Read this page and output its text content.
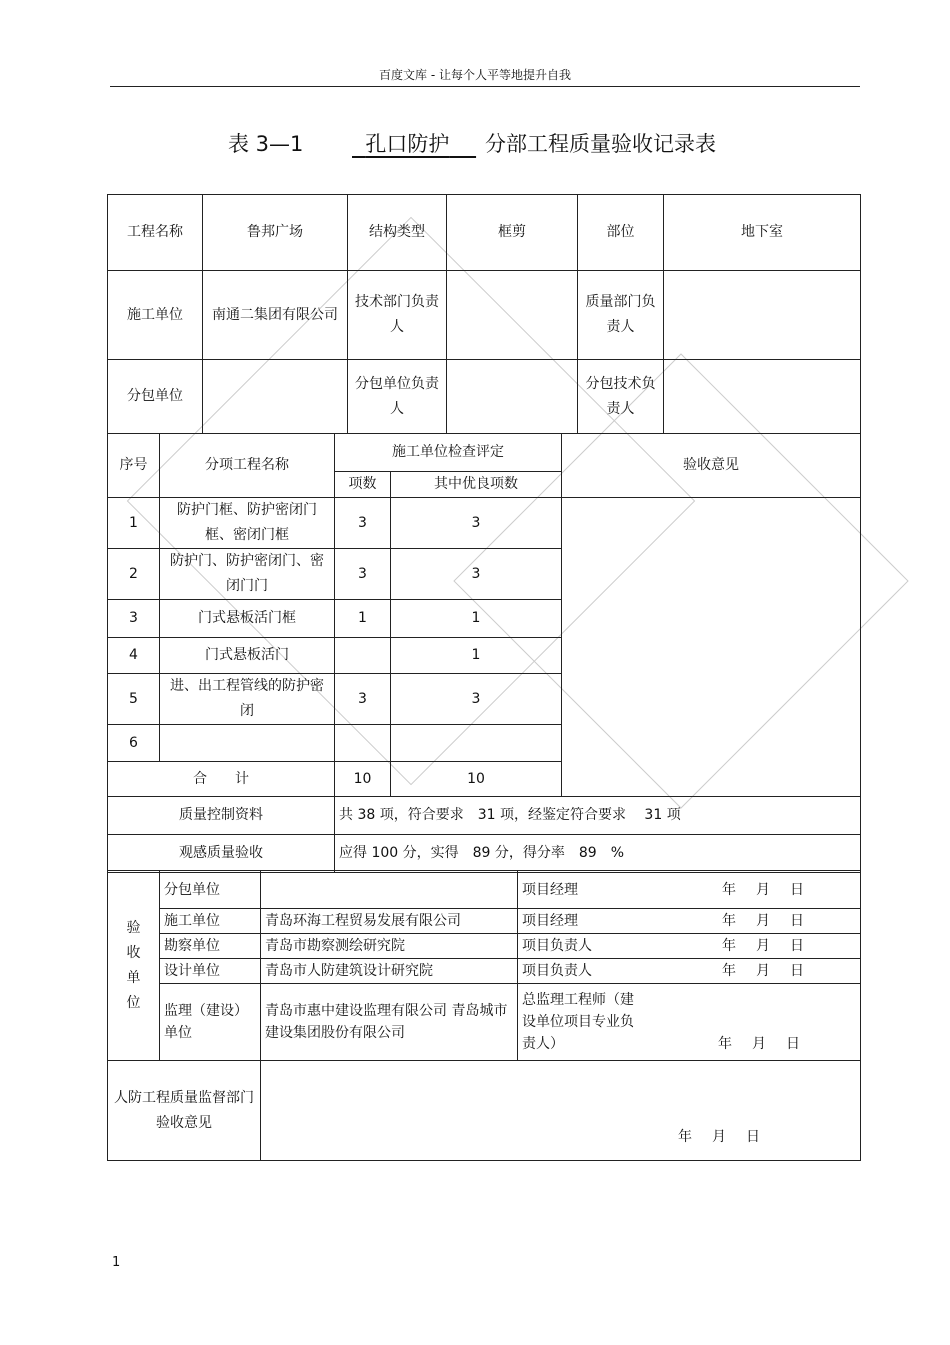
百度文库 - 让每个人平等地提升自我
表 3—1	孔口防护	分部工程质量验收记录表
工程名称	鲁邦广场	结构类型	框剪	部位	地下室
施工单位	南通二集团有限公司	技术部门负责人		质量部门负责人	
分包单位		分包单位负责人		分包技术负责人	
序号	分项工程名称	施工单位检查评定		验收意见
		项数	其中优良项数	
1	防护门框、防护密闭门框、密闭门框	3	3	
2	防护门、防护密闭门、密闭门门	3	3	
3	门式悬板活门框	1	1	
4	门式悬板活门		1	
5	进、出工程管线的防护密闭	3	3	
6				
合　　计		10	10	
质量控制资料		共 38 项，符合要求　31 项，经鉴定符合要求　 31 项		
观感质量验收		应得 100 分，实得　89 分，得分率　89　%		
验收单位	分包单位		项目经理 年 月 日
	施工单位	青岛环海工程贸易发展有限公司	项目经理 年 月 日
	勘察单位	青岛市勘察测绘研究院	项目负责人 年 月 日
	设计单位	青岛市人防建筑设计研究院	项目负责人 年 月 日
	监理（建设）单位	青岛市惠中建设监理有限公司 青岛城市建设集团股份有限公司	总监理工程师（建设单位项目专业负责人） 年 月 日
人防工程质量监督部门验收意见	年 月 日
1
